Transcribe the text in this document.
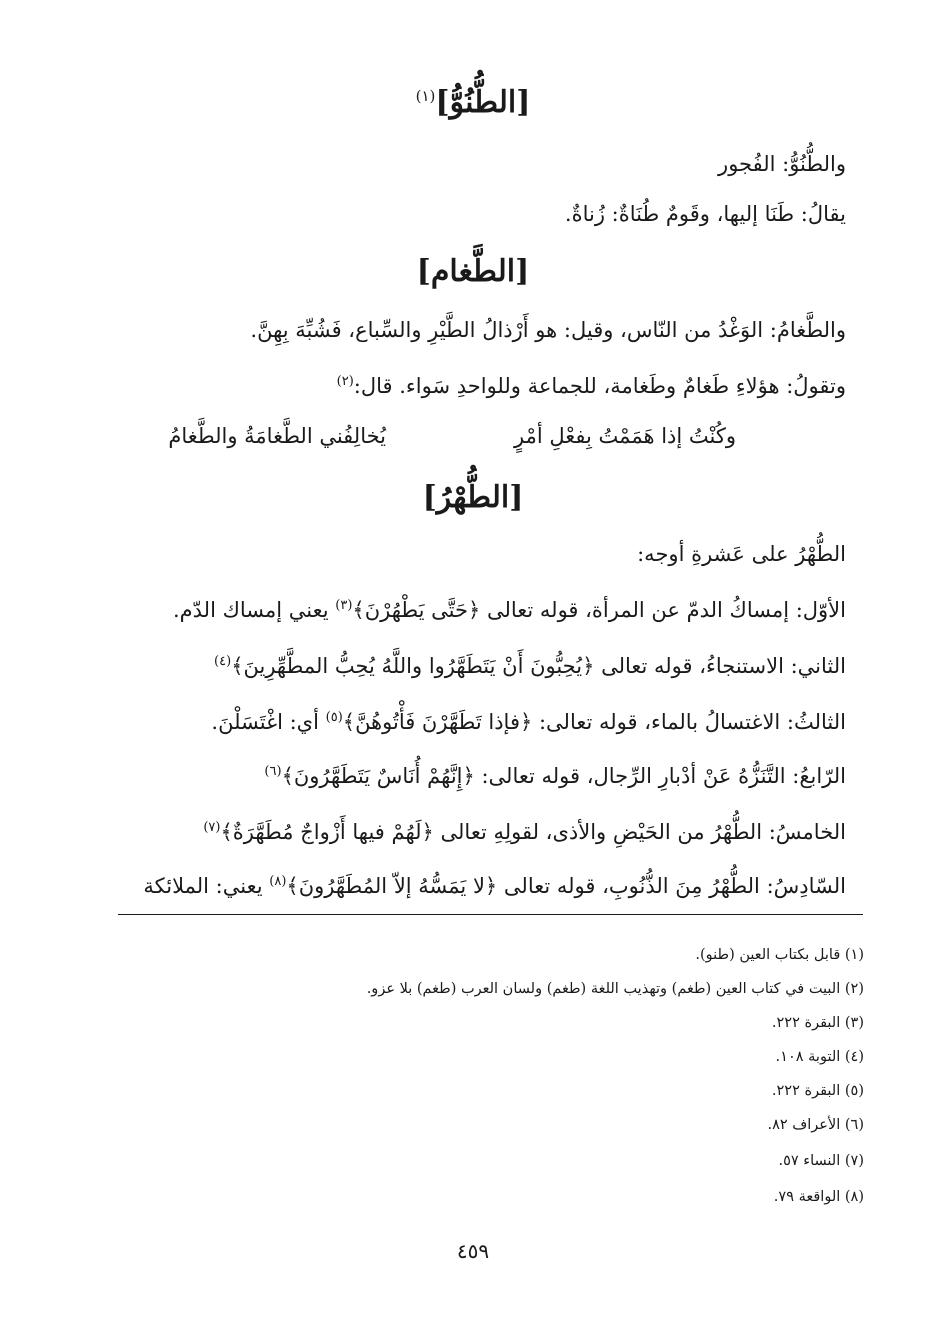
[الطُّنُوُّ]$^{(١)}$
والطُّنُوُّ: الفُجور
يقالُ: طَنَا إليها، وقَومٌ طُنَاةٌ: زُناةٌ.
[الطَّغام]
والطَّغامُ: الوَغْدُ من النّاس، وقيل: هو أَرْذالُ الطَّيْرِ والسِّباع، فَشُبِّهَ بِهِنَّ.
وتقولُ: هؤلاءِ طَغامٌ وطَغامة، للجماعة وللواحدِ سَواء. قال:$^{(٢)}$
وكُنْتُ إذا هَمَمْتُ بِفعْلِ أمْرٍ
يُخالِفُني الطَّغامَةُ والطَّغامُ
[الطُّهْرُ]
الطُّهْرُ على عَشرةِ أوجه:
الأوّل: إمساكُ الدمّ عن المرأة، قوله تعالى ﴿حَتَّى يَطْهُرْنَ﴾$^{(٣)}$ يعني إمساك الدّم.
الثاني: الاستنجاءُ، قوله تعالى ﴿يُحِبُّونَ أَنْ يَتَطَهَّرُوا واللَّهُ يُحِبُّ المطَّهِّرِينَ﴾$^{(٤)}$
الثالثُ: الاغتسالُ بالماء، قوله تعالى: ﴿فإذا تَطَهَّرْنَ فَأْتُوهُنَّ﴾$^{(٥)}$ أي: اغْتَسَلْنَ.
الرّابعُ: التَّنَزُّهُ عَنْ أدْبارِ الرِّجال، قوله تعالى: ﴿إِنَّهُمْ أُنَاسٌ يَتَطَهَّرُونَ﴾$^{(٦)}$
الخامسُ: الطُّهْرُ من الحَيْضِ والأذى، لقولِهِ تعالى ﴿لَهُمْ فيها أَزْواجٌ مُطَهَّرَةٌ﴾$^{(٧)}$
السّادِسُ: الطُّهْرُ مِنَ الذُّنُوبِ، قوله تعالى ﴿لا يَمَسُّهُ إلاّ المُطَهَّرُونَ﴾$^{(٨)}$ يعني: الملائكة
(١) قابل بكتاب العين (طنو).
(٢) البيت في كتاب العين (طغم) وتهذيب اللغة (طغم) ولسان العرب (طغم) بلا عزو.
(٣) البقرة ٢٢٢.
(٤) التوبة ١٠٨.
(٥) البقرة ٢٢٢.
(٦) الأعراف ٨٢.
(٧) النساء ٥٧.
(٨) الواقعة ٧٩.
٤٥٩
